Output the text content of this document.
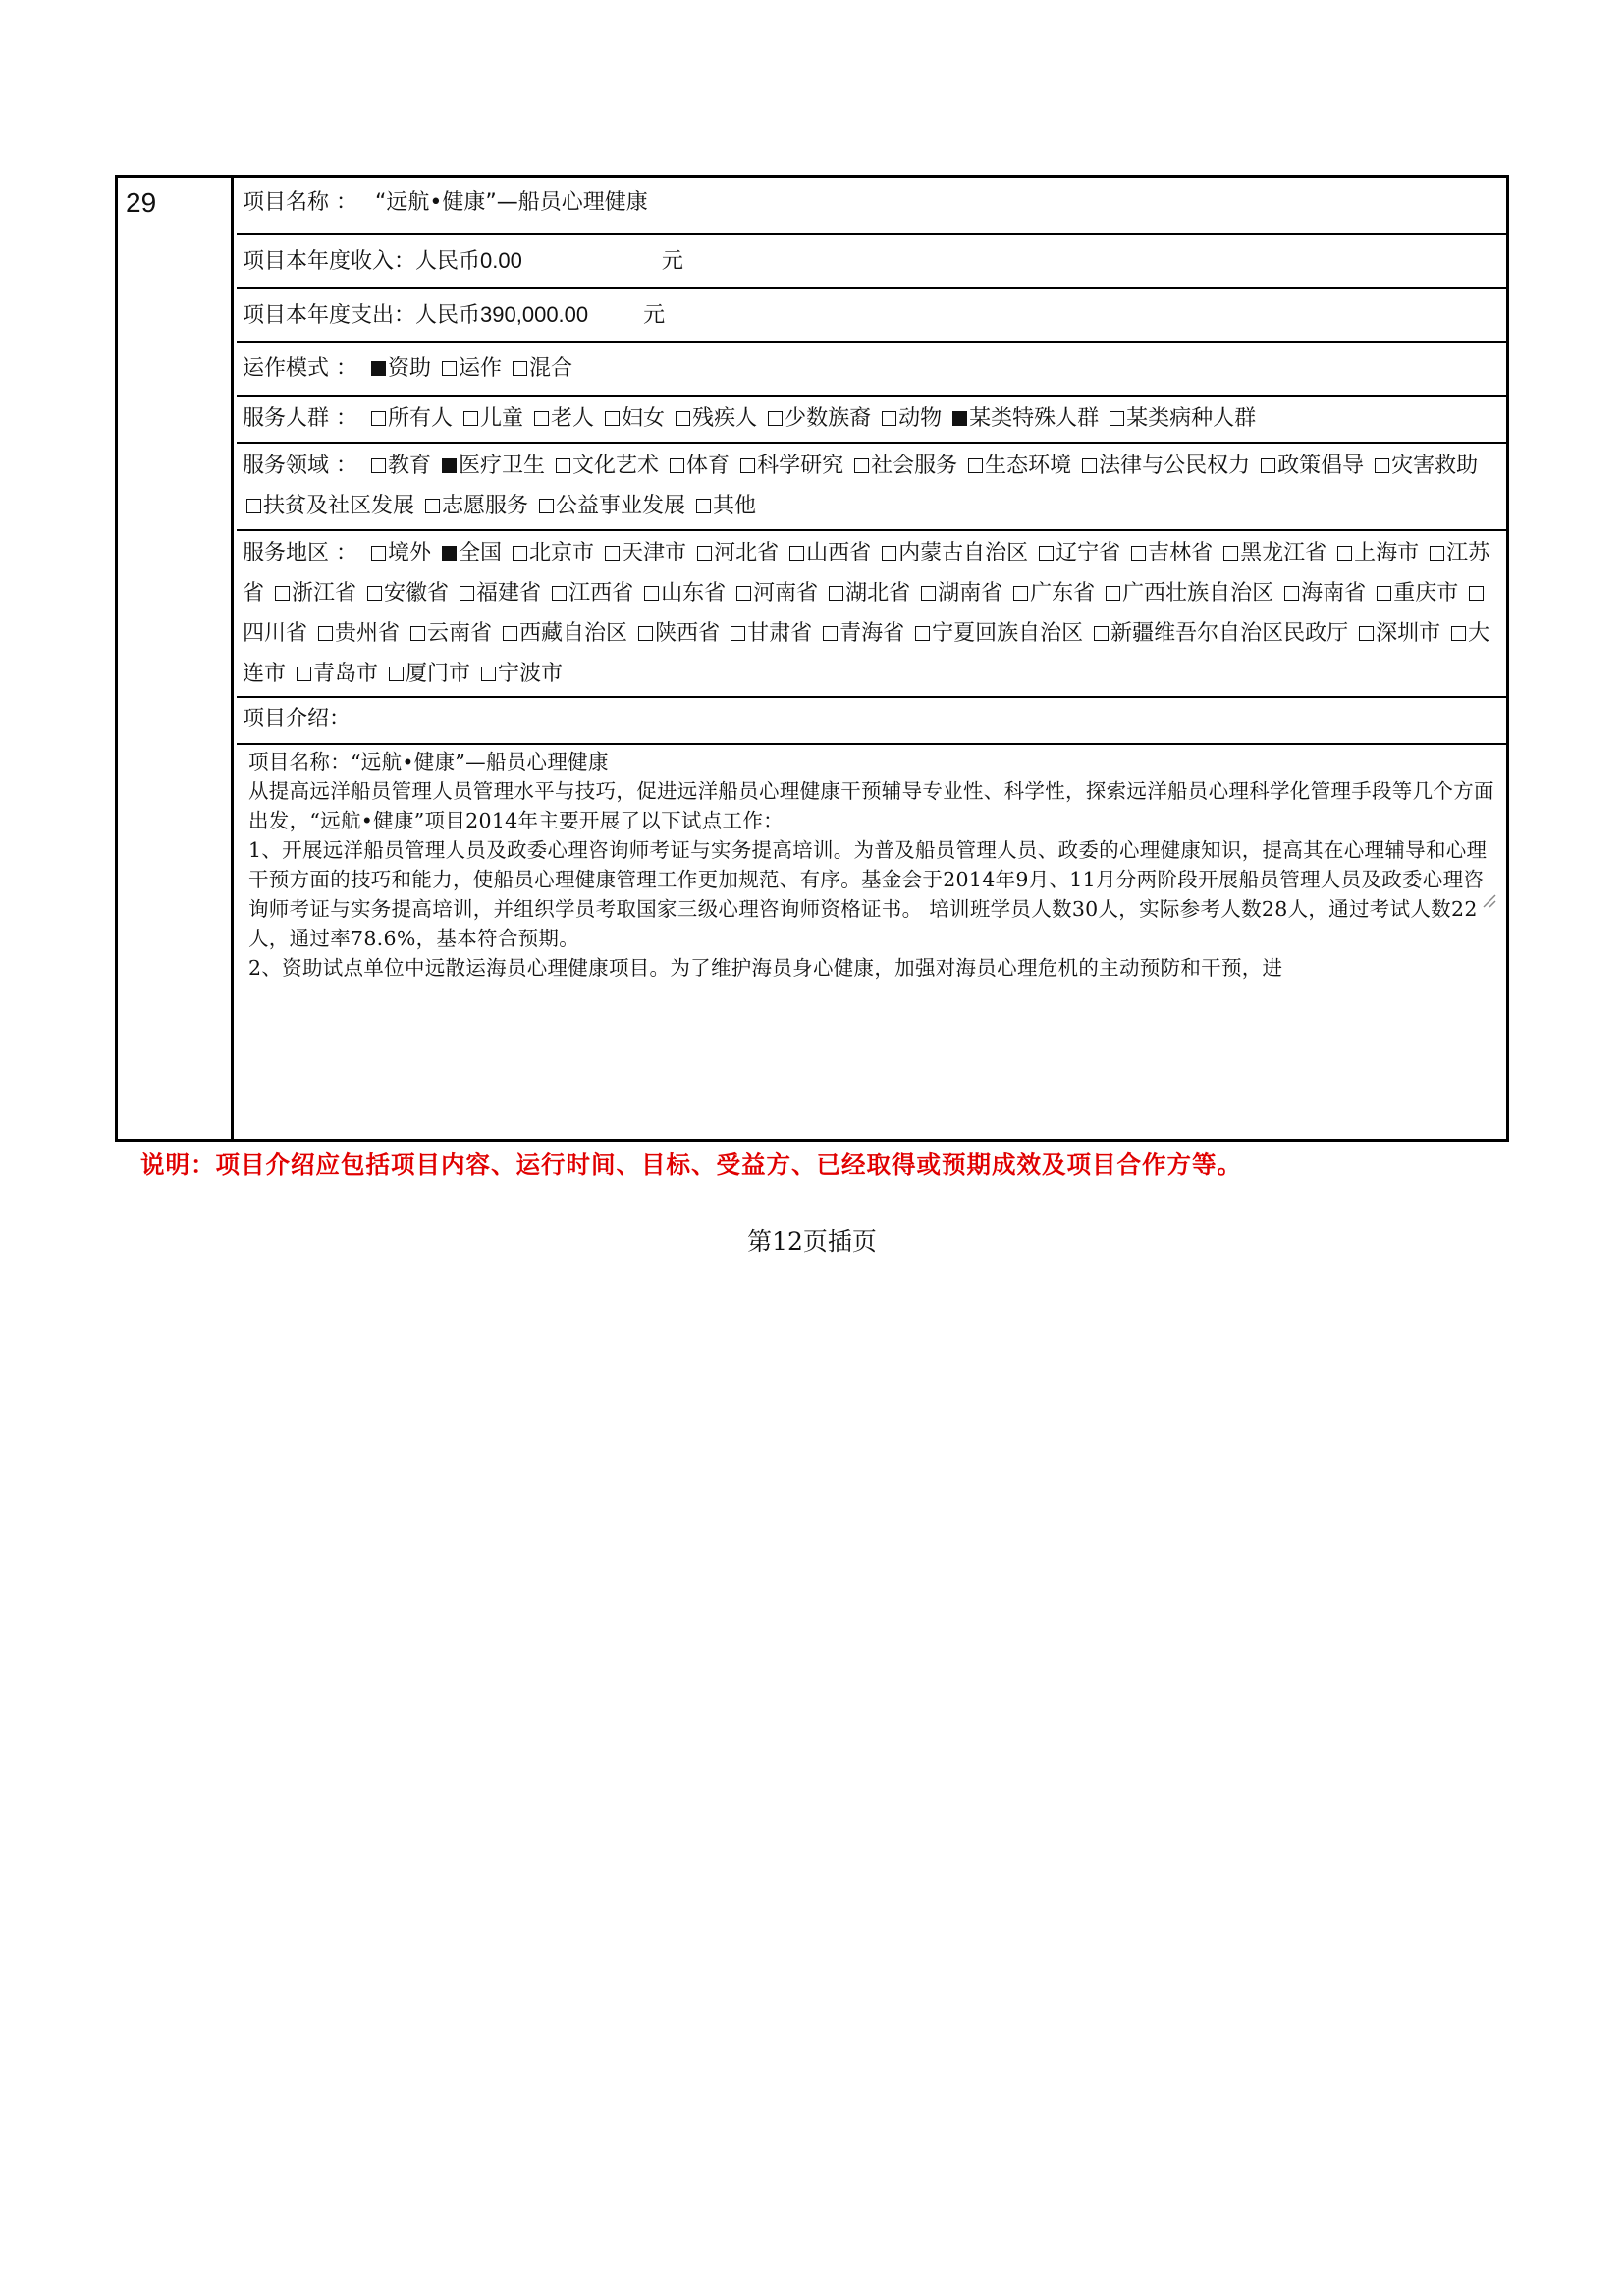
29	项目名称 ： “远航•健康”—船员心理健康
项目本年度收入：人民币0.00	元
项目本年度支出：人民币390,000.00	元
运作模式 ： 资助 运作 混合
服务人群 ： 所有人 儿童 老人 妇女 残疾人 少数族裔 动物 某类特殊人群 某类病种人群
服务领域 ： 教育 医疗卫生 文化艺术 体育 科学研究 社会服务 生态环境 法律与公民权力 政策倡导 灾害救助 扶贫及社区发展 志愿服务 公益事业发展 其他
服务地区 ： 境外 全国 北京市 天津市 河北省 山西省 内蒙古自治区 辽宁省 吉林省 黑龙江省 上海市 江苏省 浙江省 安徽省 福建省 江西省 山东省 河南省 湖北省 湖南省 广东省 广西壮族自治区 海南省 重庆市 四川省 贵州省 云南省 西藏自治区 陕西省 甘肃省 青海省 宁夏回族自治区 新疆维吾尔自治区民政厅 深圳市 大连市 青岛市 厦门市 宁波市
项目介绍：
项目名称：“远航•健康”—船员心理健康
从提高远洋船员管理人员管理水平与技巧，促进远洋船员心理健康干预辅导专业性、科学性，探索远洋船员心理科学化管理手段等几个方面出发，“远航•健康”项目2014年主要开展了以下试点工作：
1、开展远洋船员管理人员及政委心理咨询师考证与实务提高培训。为普及船员管理人员、政委的心理健康知识，提高其在心理辅导和心理干预方面的技巧和能力，使船员心理健康管理工作更加规范、有序。基金会于2014年9月、11月分两阶段开展船员管理人员及政委心理咨询师考证与实务提高培训，并组织学员考取国家三级心理咨询师资格证书。 培训班学员人数30人，实际参考人数28人，通过考试人数22人，通过率78.6%，基本符合预期。
2、资助试点单位中远散运海员心理健康项目。为了维护海员身心健康，加强对海员心理危机的主动预防和干预，进
说明：项目介绍应包括项目内容、运行时间、目标、受益方、已经取得或预期成效及项目合作方等。
第12页插页
